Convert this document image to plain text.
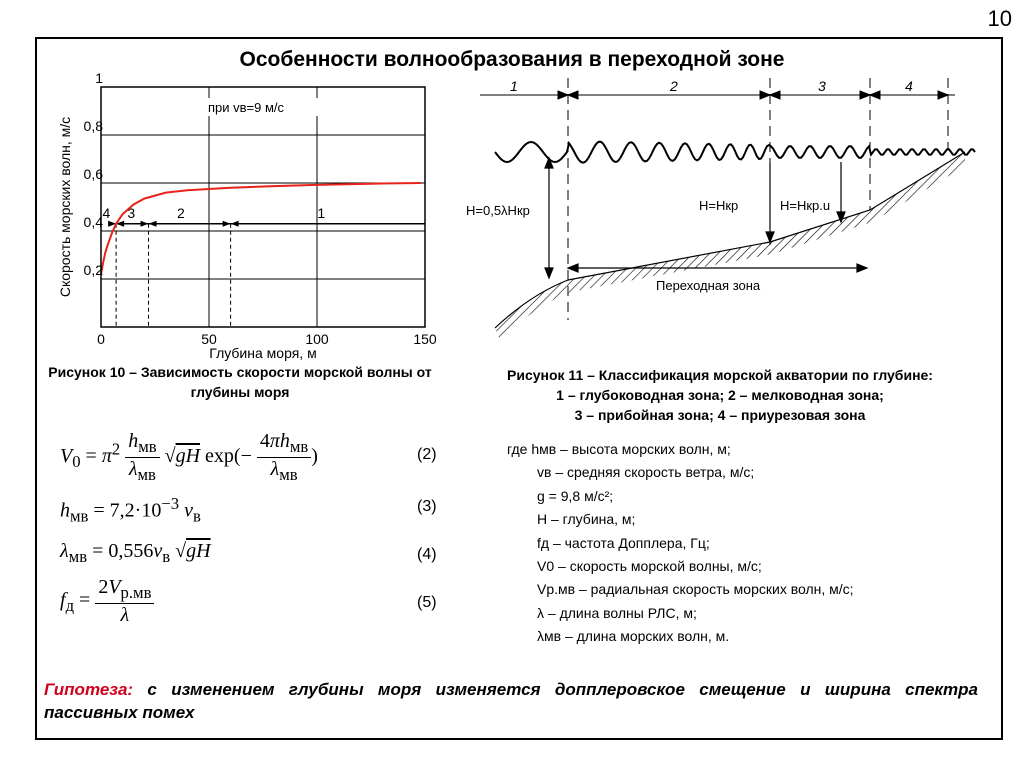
10
Особенности волнообразования в переходной зоне
4 3	2	1
0	50	100	150
0,2
0,4
0,6
0,8
1
при vв=9 м/с
Глубина моря, м
Скорость морских волн, м/с
Рисунок 10 – Зависимость скорости морской волны от глубины моря
1	2	3	4
H=0,5λHкр	H=Hкр	H=Hкр.u
Переходная зона
Рисунок 11 – Классификация морской акватории по глубине:
1 – глубоководная зона; 2 – мелководная зона;
3 – прибойная зона; 4 – приурезовая зона
$V_0 = \pi^2 \frac{h_{мв}}{\lambda_{мв}} √gH$ $\exp(- \frac{4\pi h_{мв}}{\lambda_{мв}}$ )	(2)
$h_{мв} = 7,2\cdot 10^{-3}$ $v_в$
(3)
$\lambda_{мв} = 0,556v_в$ √gH	(4)
$f_д = \frac{2V_{р.мв}}{\lambda}$	(5)
где hмв – высота морских волн, м;
vв – средняя скорость ветра, м/с;
g = 9,8 м/с²;
H – глубина, м;
fд – частота Допплера, Гц;
V0 – скорость морской волны, м/с;
Vр.мв – радиальная скорость морских волн, м/с;
λ – длина волны РЛС, м;
λмв – длина морских волн, м.
Гипотеза: с изменением глубины моря изменяется допплеровское смещение и ширина спектра пассивных помех
